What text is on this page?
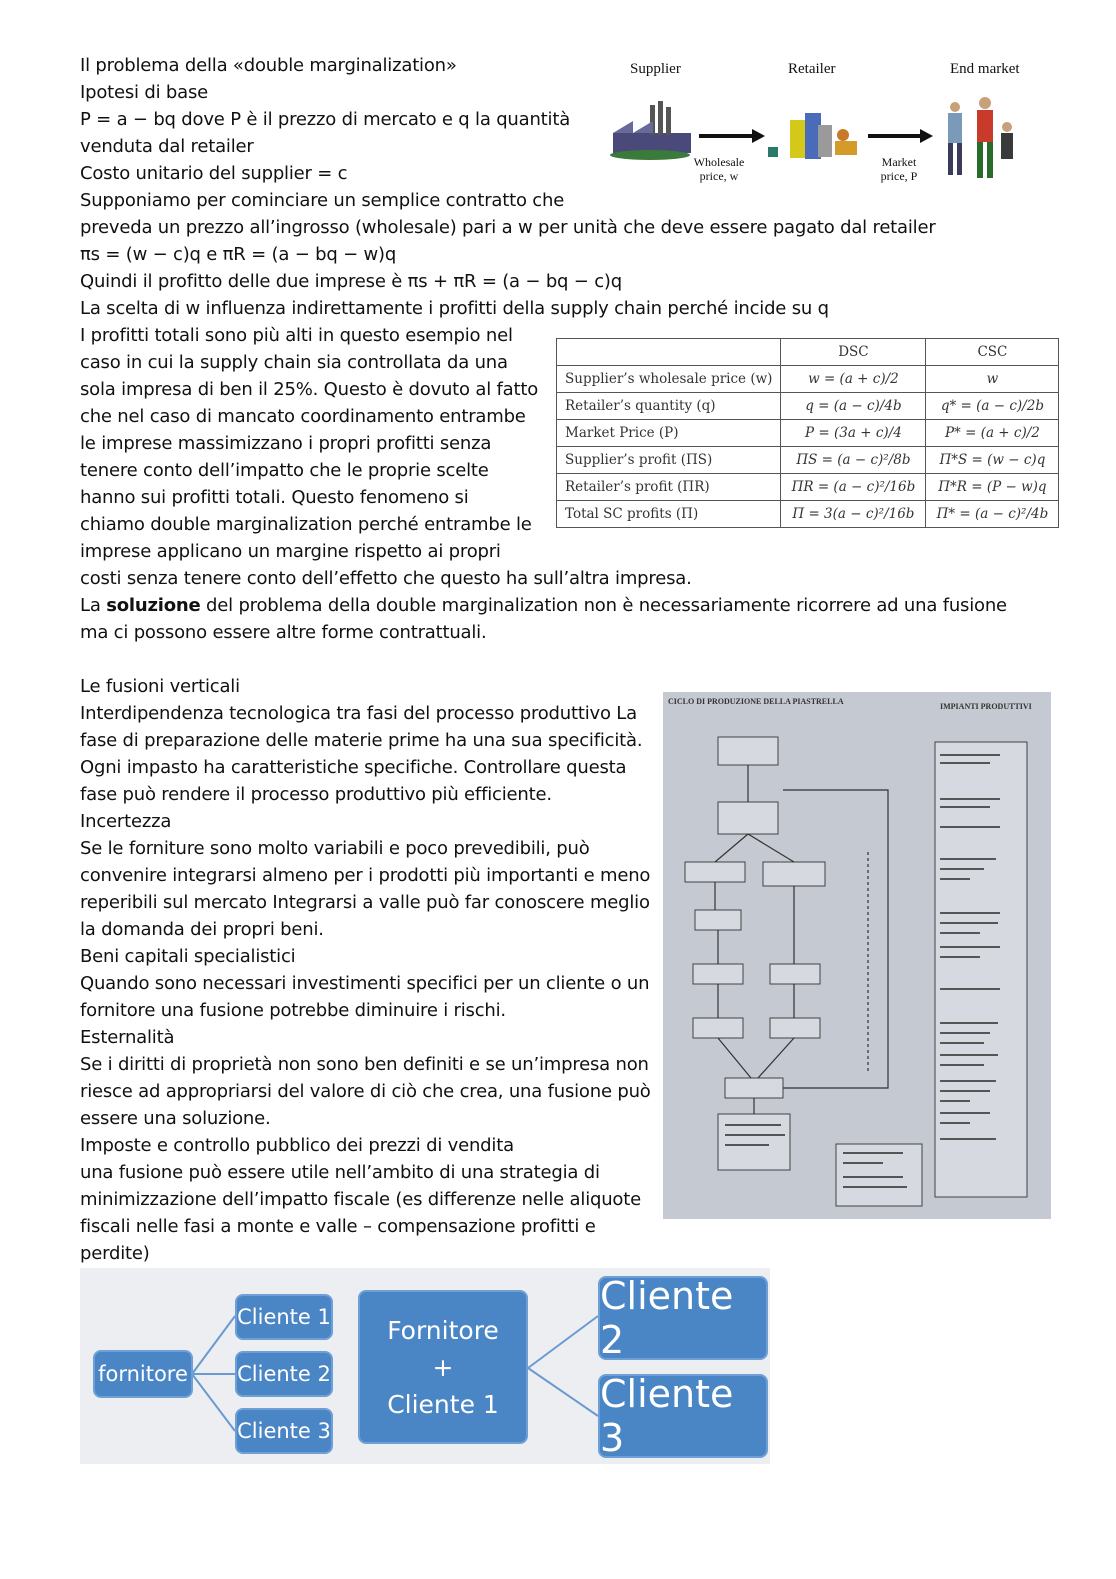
Il problema della «double marginalization»
Ipotesi di base
P = a − bq dove P è il prezzo di mercato e q la quantità
venduta dal retailer
Costo unitario del supplier = c
Supponiamo per cominciare un semplice contratto che
preveda un prezzo all’ingrosso (wholesale) pari a w per unità che deve essere pagato dal retailer
πs = (w − c)q e πR = (a − bq − w)q
Quindi il profitto delle due imprese è πs + πR = (a − bq − c)q
La scelta di w influenza indirettamente i profitti della supply chain perché incide su q
I profitti totali sono più alti in questo esempio nel
caso in cui la supply chain sia controllata da una
sola impresa di ben il 25%. Questo è dovuto al fatto
che nel caso di mancato coordinamento entrambe
le imprese massimizzano i propri profitti senza
tenere conto dell’impatto che le proprie scelte
hanno sui profitti totali. Questo fenomeno si
chiamo double marginalization perché entrambe le
imprese applicano un margine rispetto ai propri
costi senza tenere conto dell’effetto che questo ha sull’altra impresa.
La soluzione del problema della double marginalization non è necessariamente ricorrere ad una fusione
ma ci possono essere altre forme contrattuali.
Supplier	Retailer	End market
Wholesale
price, w
Market
price, P
	DSC	CSC
Supplier’s wholesale price (w)	w = (a + c)/2	w
Retailer’s quantity (q)	q = (a − c)/4b	q* = (a − c)/2b
Market Price (P)	P = (3a + c)/4	P* = (a + c)/2
Supplier’s profit (ΠS)	ΠS = (a − c)²/8b	Π*S = (w − c)q
Retailer’s profit (ΠR)	ΠR = (a − c)²/16b	Π*R = (P − w)q
Total SC profits (Π)	Π = 3(a − c)²/16b	Π* = (a − c)²/4b
Le fusioni verticali
Interdipendenza tecnologica tra fasi del processo produttivo La
fase di preparazione delle materie prime ha una sua specificità.
Ogni impasto ha caratteristiche specifiche. Controllare questa
fase può rendere il processo produttivo più efficiente.
Incertezza
Se le forniture sono molto variabili e poco prevedibili, può
convenire integrarsi almeno per i prodotti più importanti e meno
reperibili sul mercato Integrarsi a valle può far conoscere meglio
la domanda dei propri beni.
Beni capitali specialistici
Quando sono necessari investimenti specifici per un cliente o un
fornitore una fusione potrebbe diminuire i rischi.
Esternalità
Se i diritti di proprietà non sono ben definiti e se un’impresa non
riesce ad appropriarsi del valore di ciò che crea, una fusione può
essere una soluzione.
Imposte e controllo pubblico dei prezzi di vendita
una fusione può essere utile nell’ambito di una strategia di
minimizzazione dell’impatto fiscale (es differenze nelle aliquote
fiscali nelle fasi a monte e valle – compensazione profitti e
perdite)
CICLO DI PRODUZIONE DELLA PIASTRELLA
IMPIANTI PRODUTTIVI
fornitore
Cliente 1
Cliente 2
Cliente 3
Fornitore
+
Cliente 1
Cliente 2
Cliente 3
